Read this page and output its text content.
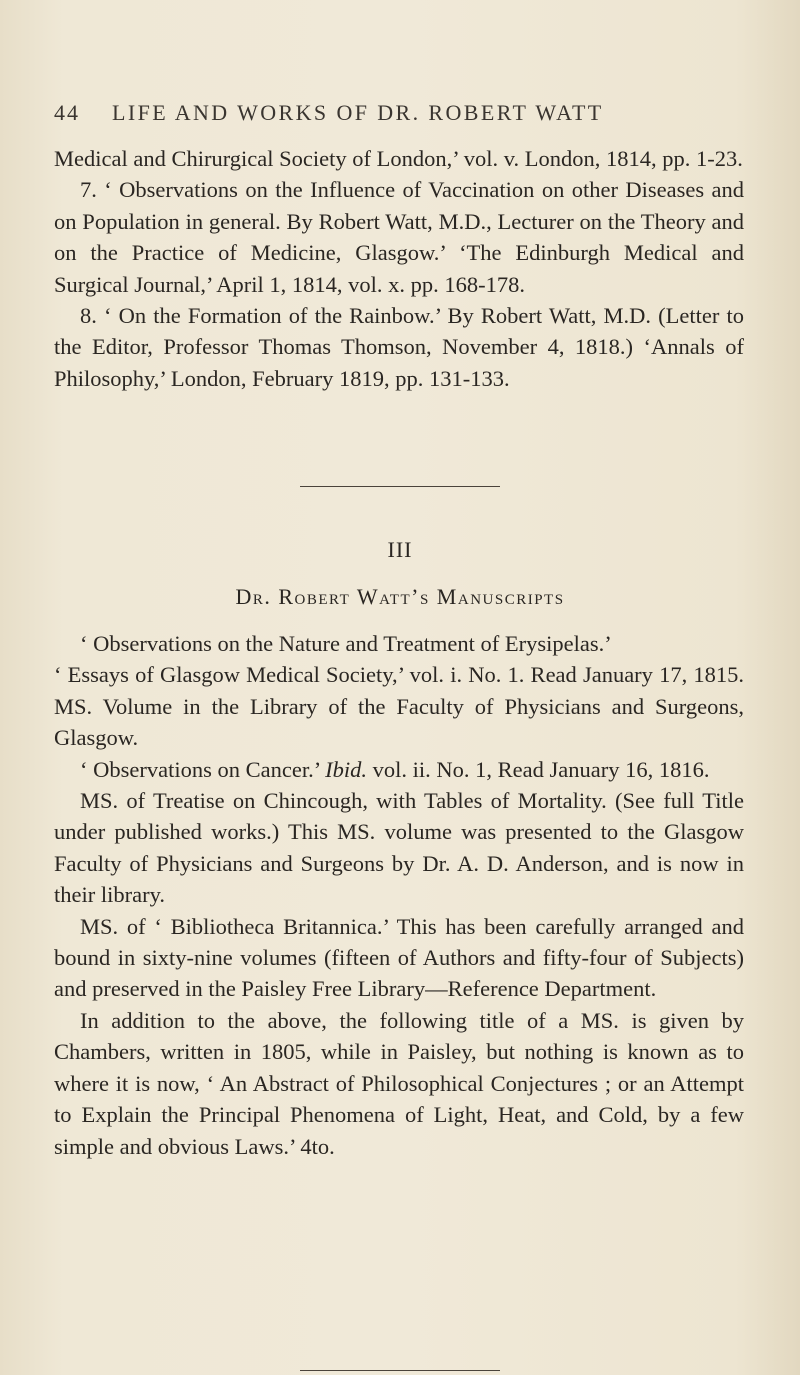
44 LIFE AND WORKS OF DR. ROBERT WATT

Medical and Chirurgical Society of London,’ vol. v. London, 1814, pp. 1-23.

7. ‘ Observations on the Influence of Vaccination on other Diseases and on Population in general. By Robert Watt, M.D., Lecturer on the Theory and on the Practice of Medicine, Glasgow.’ ‘The Edinburgh Medical and Surgical Journal,’ April 1, 1814, vol. x. pp. 168-178.

8. ‘ On the Formation of the Rainbow.’ By Robert Watt, M.D. (Letter to the Editor, Professor Thomas Thomson, November 4, 1818.) ‘Annals of Philosophy,’ London, February 1819, pp. 131-133.

III
Dr. Robert Watt’s Manuscripts

‘ Observations on the Nature and Treatment of Erysipelas.’

‘ Essays of Glasgow Medical Society,’ vol. i. No. 1. Read January 17, 1815. MS. Volume in the Library of the Faculty of Physicians and Surgeons, Glasgow.

‘ Observations on Cancer.’ Ibid. vol. ii. No. 1, Read January 16, 1816.

MS. of Treatise on Chincough, with Tables of Mortality. (See full Title under published works.) This MS. volume was presented to the Glasgow Faculty of Physicians and Surgeons by Dr. A. D. Anderson, and is now in their library.

MS. of ‘ Bibliotheca Britannica.’ This has been carefully arranged and bound in sixty-nine volumes (fifteen of Authors and fifty-four of Subjects) and preserved in the Paisley Free Library—Reference Department.

In addition to the above, the following title of a MS. is given by Chambers, written in 1805, while in Paisley, but nothing is known as to where it is now, ‘ An Abstract of Philosophical Conjectures ; or an Attempt to Explain the Principal Phenomena of Light, Heat, and Cold, by a few simple and obvious Laws.’ 4to.
